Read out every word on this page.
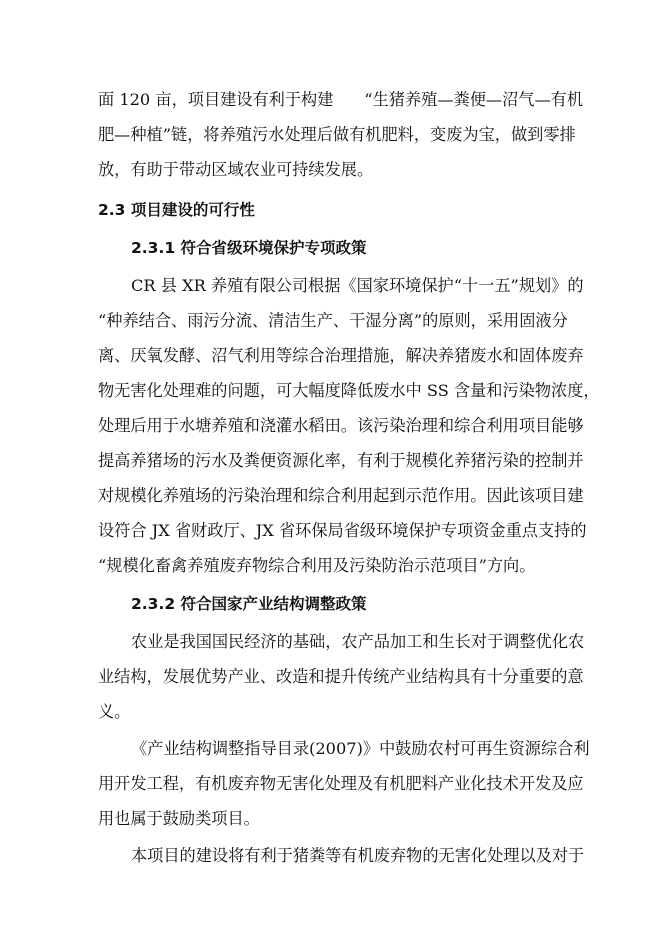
面 120 亩，项目建设有利于构建      “生猪养殖—粪便—沼气—有机
肥—种植”链，将养殖污水处理后做有机肥料，变废为宝，做到零排
放，有助于带动区域农业可持续发展。
2.3 项目建设的可行性
2.3.1 符合省级环境保护专项政策
CR 县 XR 养殖有限公司根据《国家环境保护“十一五”规划》的
“种养结合、雨污分流、清洁生产、干湿分离”的原则，采用固液分
离、厌氧发酵、沼气利用等综合治理措施，解决养猪废水和固体废弃
物无害化处理难的问题，可大幅度降低废水中 SS 含量和污染物浓度，
处理后用于水塘养殖和浇灌水稻田。该污染治理和综合利用项目能够
提高养猪场的污水及粪便资源化率，有利于规模化养猪污染的控制并
对规模化养殖场的污染治理和综合利用起到示范作用。因此该项目建
设符合 JX 省财政厅、JX 省环保局省级环境保护专项资金重点支持的
“规模化畜禽养殖废弃物综合利用及污染防治示范项目”方向。
2.3.2 符合国家产业结构调整政策
农业是我国国民经济的基础，农产品加工和生长对于调整优化农
业结构，发展优势产业、改造和提升传统产业结构具有十分重要的意
义。
《产业结构调整指导目录(2007)》中鼓励农村可再生资源综合利
用开发工程，有机废弃物无害化处理及有机肥料产业化技术开发及应
用也属于鼓励类项目。
本项目的建设将有利于猪粪等有机废弃物的无害化处理以及对于
